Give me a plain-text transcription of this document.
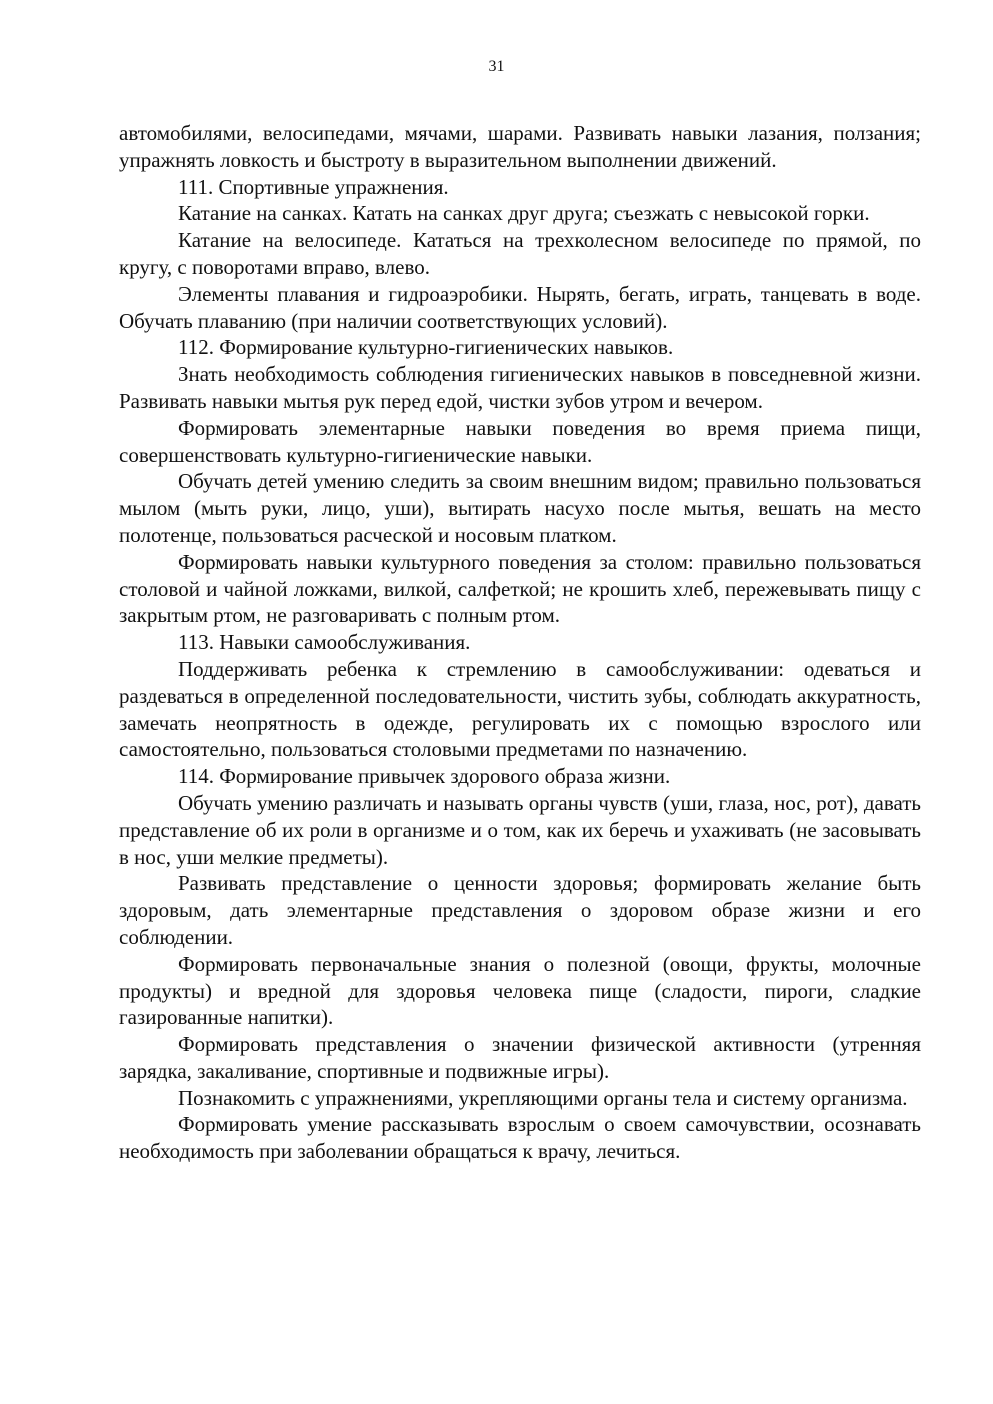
31

автомобилями, велосипедами, мячами, шарами. Развивать навыки лазания, ползания; упражнять ловкость и быстроту в выразительном выполнении движений.

111. Спортивные упражнения.

Катание на санках. Катать на санках друг друга; съезжать с невысокой горки.

Катание на велосипеде. Кататься на трехколесном велосипеде по прямой, по кругу, с поворотами вправо, влево.

Элементы плавания и гидроаэробики. Нырять, бегать, играть, танцевать в воде. Обучать плаванию (при наличии соответствующих условий).

112. Формирование культурно-гигиенических навыков.

Знать необходимость соблюдения гигиенических навыков в повседневной жизни. Развивать навыки мытья рук перед едой, чистки зубов утром и вечером.

Формировать элементарные навыки поведения во время приема пищи, совершенствовать культурно-гигиенические навыки.

Обучать детей умению следить за своим внешним видом; правильно пользоваться мылом (мыть руки, лицо, уши), вытирать насухо после мытья, вешать на место полотенце, пользоваться расческой и носовым платком.

Формировать навыки культурного поведения за столом: правильно пользоваться столовой и чайной ложками, вилкой, салфеткой; не крошить хлеб, пережевывать пищу с закрытым ртом, не разговаривать с полным ртом.

113. Навыки самообслуживания.

Поддерживать ребенка к стремлению в самообслуживании: одеваться и раздеваться в определенной последовательности, чистить зубы, соблюдать аккуратность, замечать неопрятность в одежде, регулировать их с помощью взрослого или самостоятельно, пользоваться столовыми предметами по назначению.

114. Формирование привычек здорового образа жизни.

Обучать умению различать и называть органы чувств (уши, глаза, нос, рот), давать представление об их роли в организме и о том, как их беречь и ухаживать (не засовывать в нос, уши мелкие предметы).

Развивать представление о ценности здоровья; формировать желание быть здоровым, дать элементарные представления о здоровом образе жизни и его соблюдении.

Формировать первоначальные знания о полезной (овощи, фрукты, молочные продукты) и вредной для здоровья человека пище (сладости, пироги, сладкие газированные напитки).

Формировать представления о значении физической активности (утренняя зарядка, закаливание, спортивные и подвижные игры).

Познакомить с упражнениями, укрепляющими органы тела и систему организма.

Формировать умение рассказывать взрослым о своем самочувствии, осознавать необходимость при заболевании обращаться к врачу, лечиться.
